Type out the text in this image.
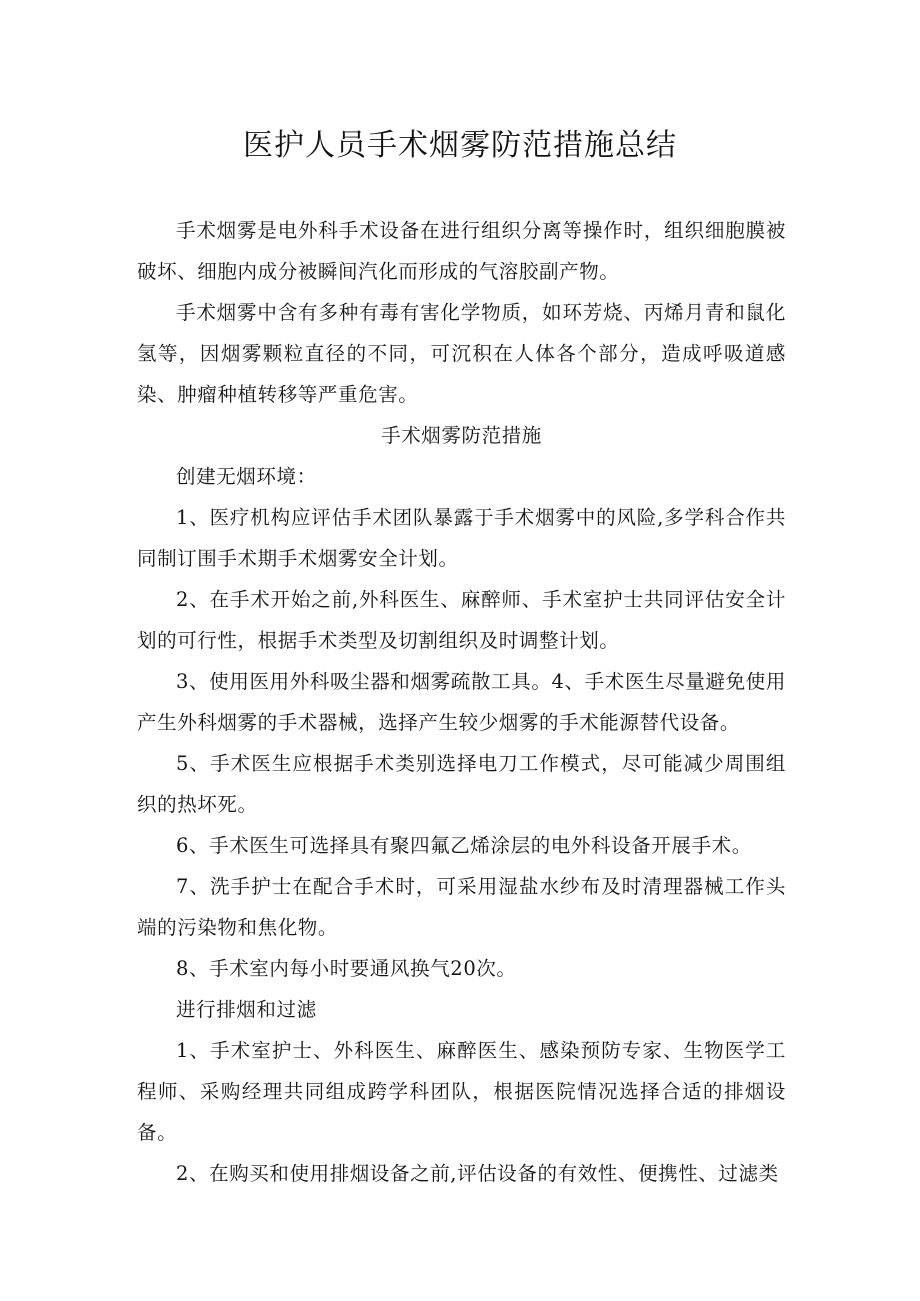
医护人员手术烟雾防范措施总结

手术烟雾是电外科手术设备在进行组织分离等操作时，组织细胞膜被破坏、细胞内成分被瞬间汽化而形成的气溶胶副产物。

手术烟雾中含有多种有毒有害化学物质，如环芳烧、丙烯月青和鼠化氢等，因烟雾颗粒直径的不同，可沉积在人体各个部分，造成呼吸道感染、肿瘤种植转移等严重危害。

手术烟雾防范措施

创建无烟环境：

1、医疗机构应评估手术团队暴露于手术烟雾中的风险,多学科合作共同制订围手术期手术烟雾安全计划。

2、在手术开始之前,外科医生、麻醉师、手术室护士共同评估安全计划的可行性，根据手术类型及切割组织及时调整计划。

3、使用医用外科吸尘器和烟雾疏散工具。4、手术医生尽量避免使用产生外科烟雾的手术器械，选择产生较少烟雾的手术能源替代设备。

5、手术医生应根据手术类别选择电刀工作模式，尽可能减少周围组织的热坏死。

6、手术医生可选择具有聚四氟乙烯涂层的电外科设备开展手术。

7、洗手护士在配合手术时，可采用湿盐水纱布及时清理器械工作头端的污染物和焦化物。

8、手术室内每小时要通风换气20次。

进行排烟和过滤

1、手术室护士、外科医生、麻醉医生、感染预防专家、生物医学工程师、采购经理共同组成跨学科团队，根据医院情况选择合适的排烟设备。

2、在购买和使用排烟设备之前,评估设备的有效性、便携性、过滤类
